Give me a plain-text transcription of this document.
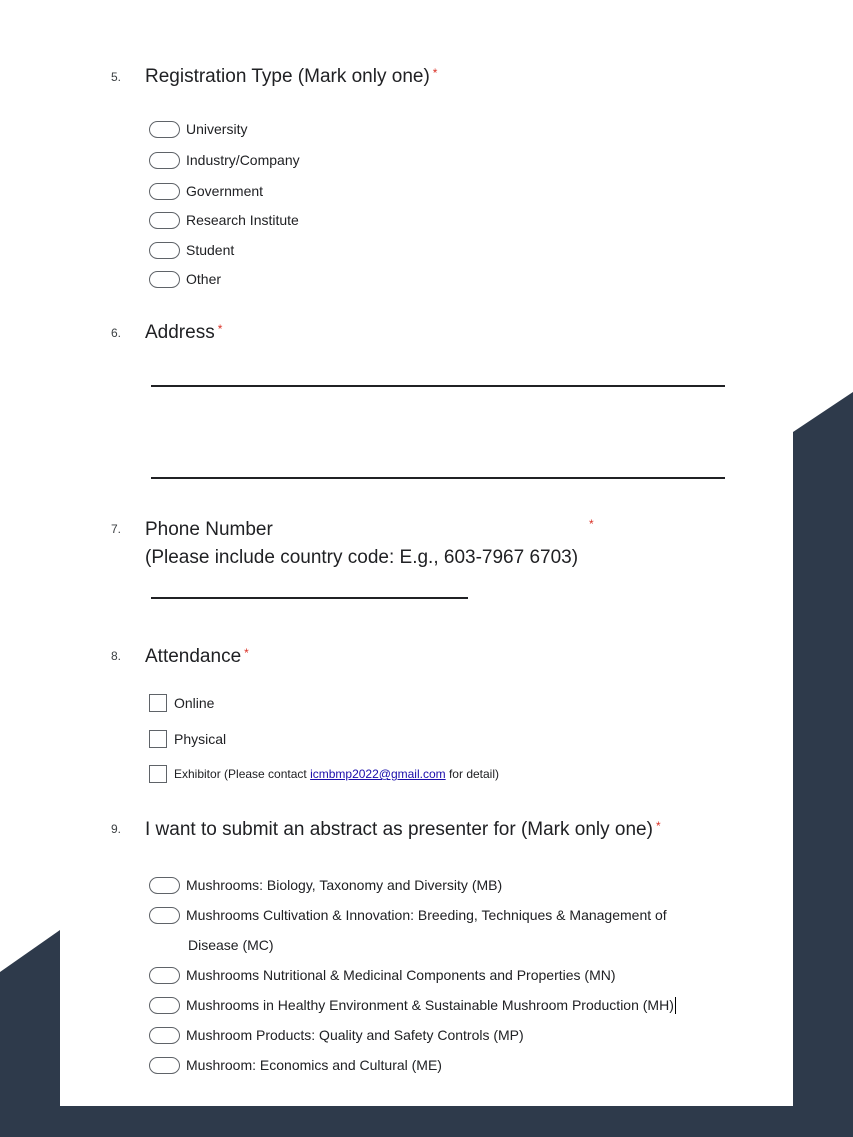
5. Registration Type (Mark only one) *
University
Industry/Company
Government
Research Institute
Student
Other
6. Address *
7. Phone Number	*
(Please include country code: E.g., 603-7967 6703)
8. Attendance *
Online
Physical
Exhibitor (Please contact icmbmp2022@gmail.com for detail)
9. I want to submit an abstract as presenter for (Mark only one) *
Mushrooms: Biology, Taxonomy and Diversity (MB)
Mushrooms Cultivation & Innovation: Breeding, Techniques & Management of
Disease (MC)
Mushrooms Nutritional & Medicinal Components and Properties (MN)
Mushrooms in Healthy Environment & Sustainable Mushroom Production (MH)
Mushroom Products: Quality and Safety Controls (MP)
Mushroom: Economics and Cultural (ME)
